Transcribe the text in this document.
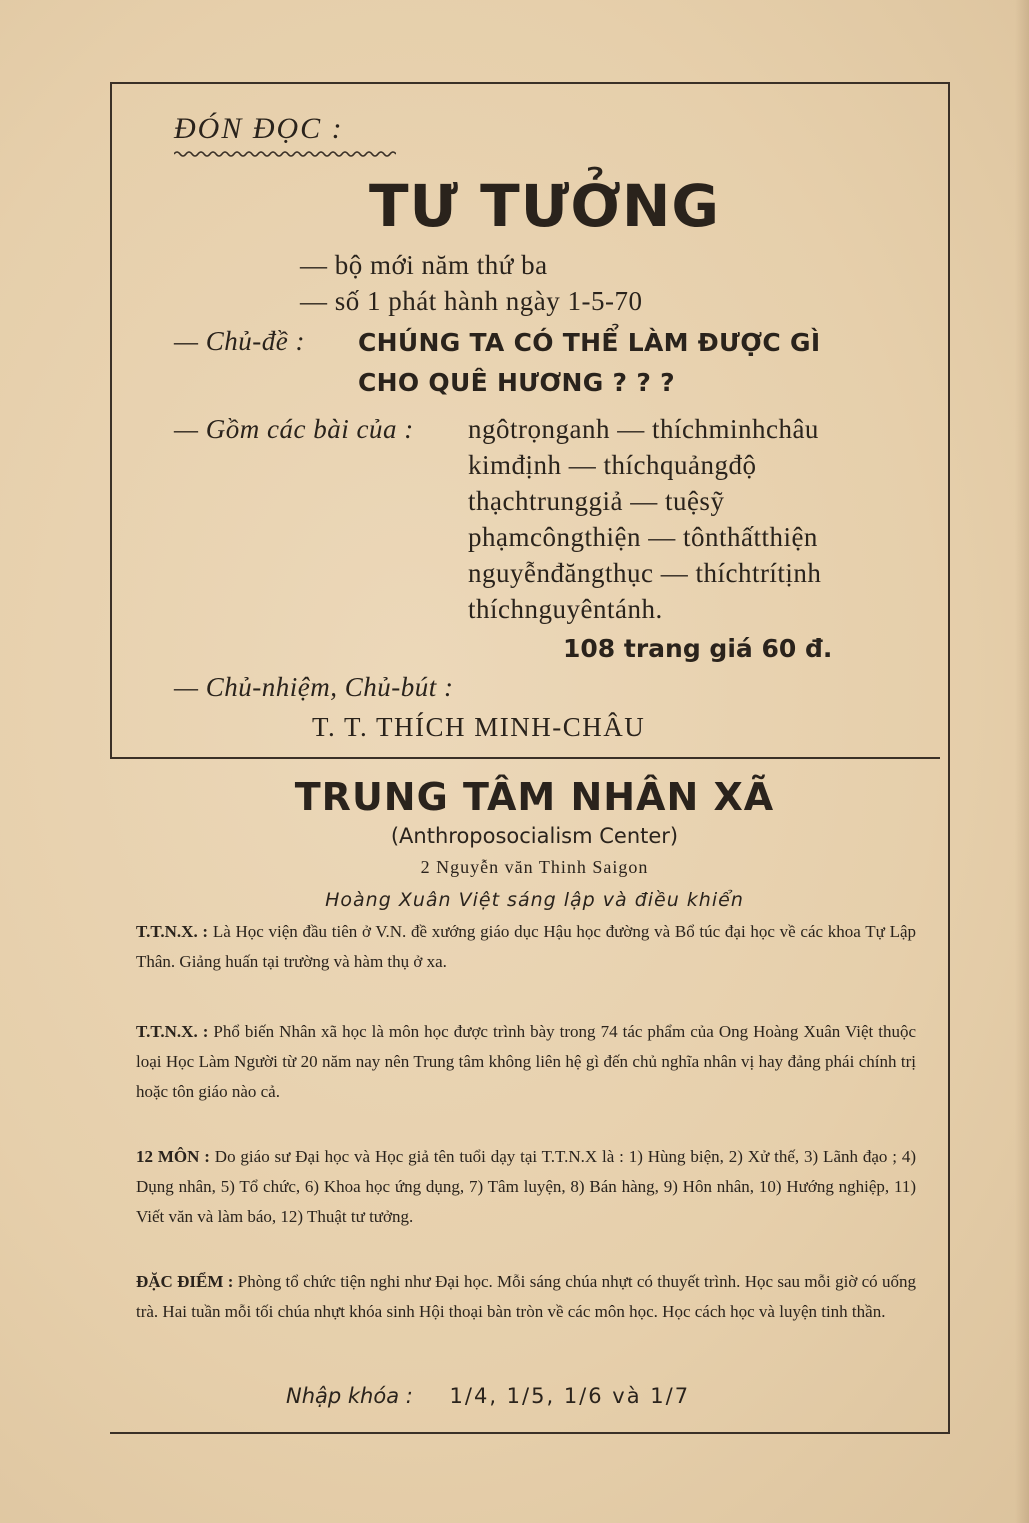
ĐÓN ĐỌC :
TƯ TƯỞNG
— bộ mới năm thứ ba
— số 1 phát hành ngày 1-5-70
— Chủ-đề : CHÚNG TA CÓ THỂ LÀM ĐƯỢC GÌ
CHO QUÊ HƯƠNG ? ? ?
— Gồm các bài của : ngôtrọnganh — thíchminhchâu
kimđịnh — thíchquảngđộ
thạchtrunggiả — tuệsỹ
phạmcôngthiện — tônthấtthiện
nguyễnđăngthục — thíchtrítịnh
thíchnguyêntánh.
108 trang giá 60 đ.
— Chủ-nhiệm, Chủ-bút :
T. T. THÍCH MINH-CHÂU
TRUNG TÂM NHÂN XÃ
(Anthroposocialism Center)
2 Nguyễn văn Thinh Saigon
Hoàng Xuân Việt sáng lập và điều khiển
T.T.N.X. : Là Học viện đầu tiên ở V.N. đề xướng giáo dục Hậu học đường và Bổ túc đại học về các khoa Tự Lập Thân. Giảng huấn tại trường và hàm thụ ở xa.
T.T.N.X. : Phổ biến Nhân xã học là môn học được trình bày trong 74 tác phẩm của Ong Hoàng Xuân Việt thuộc loại Học Làm Người từ 20 năm nay nên Trung tâm không liên hệ gì đến chủ nghĩa nhân vị hay đảng phái chính trị hoặc tôn giáo nào cả.
12 MÔN : Do giáo sư Đại học và Học giả tên tuổi dạy tại T.T.N.X là : 1) Hùng biện, 2) Xử thế, 3) Lãnh đạo ; 4) Dụng nhân, 5) Tổ chức, 6) Khoa học ứng dụng, 7) Tâm luyện, 8) Bán hàng, 9) Hôn nhân, 10) Hướng nghiệp, 11) Viết văn và làm báo, 12) Thuật tư tưởng.
ĐẶC ĐIỂM : Phòng tổ chức tiện nghi như Đại học. Mỗi sáng chúa nhựt có thuyết trình. Học sau mỗi giờ có uống trà. Hai tuần mỗi tối chúa nhựt khóa sinh Hội thoại bàn tròn về các môn học. Học cách học và luyện tinh thần.
Nhập khóa : 1/4, 1/5, 1/6 và 1/7
